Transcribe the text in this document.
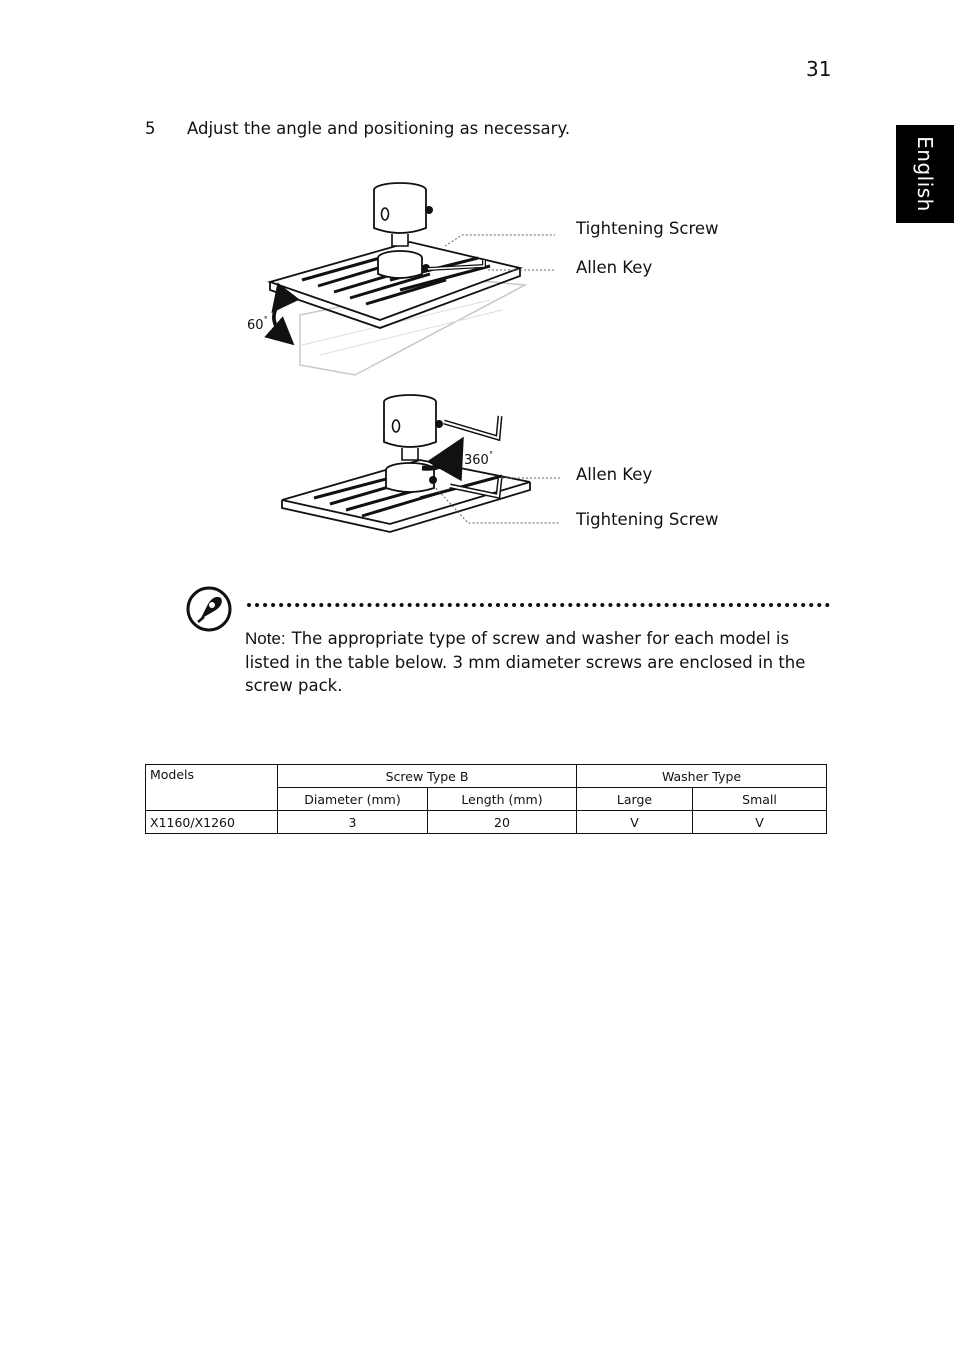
31
English
5 Adjust the angle and positioning as necessary.
60˚
360˚
Tightening Screw
Allen Key
Allen Key
Tightening Screw
Note: The appropriate type of screw and washer for each model is listed in the table below. 3 mm diameter screws are enclosed in the screw pack.
Models	Screw Type B		Washer Type	
	Diameter (mm)	Length (mm)	Large	Small
X1160/X1260	3	20	V	V
